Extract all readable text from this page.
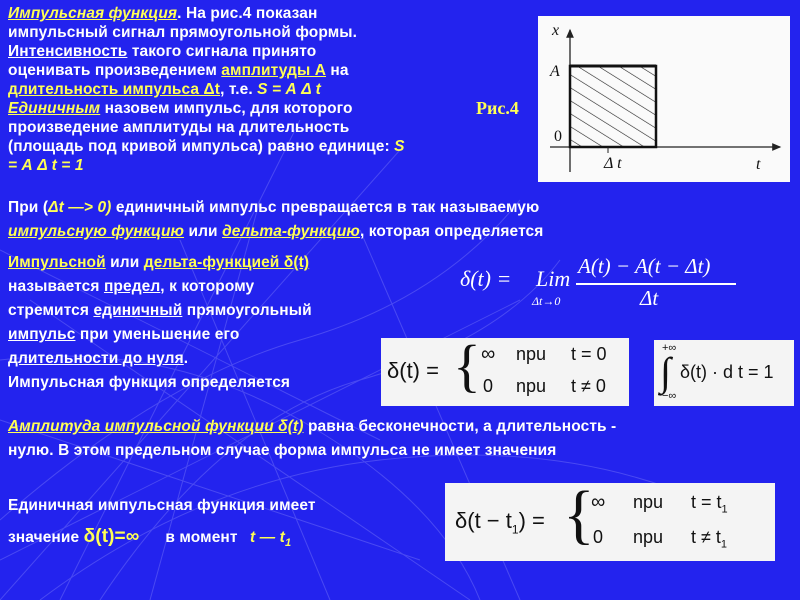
Импульсная функция. На рис.4 показан
импульсный сигнал прямоугольной формы.
Интенсивность такого сигнала принято
оценивать произведением амплитуды А на
длительность импульса Δt, т.е. S = А Δ t
Единичным назовем импульс, для которого
произведение амплитуды на длительность
(площадь под кривой импульса) равно единице: S
= А Δ t = 1
Рис.4
x
A
0
t
Δ t
При (Δt —> 0) единичный импульс превращается в так называемую
импульсную функцию или дельта-функцию, которая определяется
Импульсной или дельта-функцией δ(t)
называется предел, к которому
стремится единичный прямоугольный
импульс при уменьшение его
длительности до нуля.
Импульсная функция определяется
δ(t) = Lim
Δt→0
A(t) − A(t − Δt)
Δt
δ(t) = { ∞ npu t = 0
0 npu t ≠ 0
+∞
∫
−∞
δ(t) · d t = 1
Амплитуда импульсной функции δ(t) равна бесконечности, а длительность -
нулю. В этом предельном случае форма импульса не имеет значения
Единичная импульсная функция имеет
значение δ(t)=∞ в момент t — $t_1$
$\delta(t - t_1)$ = {
∞ npu $t = t_1$
0 npu $t \ne t_1$
